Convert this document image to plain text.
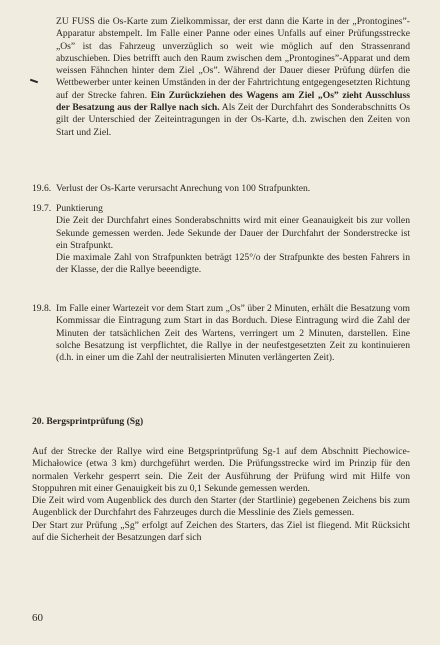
ZU FUSS die Os-Karte zum Zielkommissar, der erst dann die Karte in der „Prontogines”-Apparatur abstempelt. Im Falle einer Panne oder eines Unfalls auf einer Prüfungsstrecke „Os” ist das Fahrzeug unverzüglich so weit wie möglich auf den Strassenrand abzuschieben. Dies betrifft auch den Raum zwischen dem „Prontogines”-Apparat und dem weissen Fähnchen hinter dem Ziel „Os”. Während der Dauer dieser Prüfung dürfen die Wettbewerber unter keinen Umständen in der der Fahrtrichtung entgegengesetzten Richtung auf der Strecke fahren. Ein Zurückziehen des Wagens am Ziel „Os” zieht Ausschluss der Besatzung aus der Rallye nach sich. Als Zeit der Durchfahrt des Sonderabschnitts Os gilt der Unterschied der Zeiteintragungen in der Os-Karte, d.h. zwischen den Zeiten von Start und Ziel.

19.6. Verlust der Os-Karte verursacht Anrechung von 100 Strafpunkten.

19.7. Punktierung

Die Zeit der Durchfahrt eines Sonderabschnitts wird mit einer Geanauigkeit bis zur vollen Sekunde gemessen werden. Jede Sekunde der Dauer der Durchfahrt der Sonderstrecke ist ein Strafpunkt.

Die maximale Zahl von Strafpunkten beträgt 125°/o der Strafpunkte des besten Fahrers in der Klasse, der die Rallye beeendigte.

19.8. Im Falle einer Wartezeit vor dem Start zum „Os” über 2 Minuten, erhält die Besatzung vom Kommissar die Eintragung zum Start in das Borduch. Diese Eintragung wird die Zahl der Minuten der tatsächlichen Zeit des Wartens, verringert um 2 Minuten, darstellen. Eine solche Besatzung ist verpflichtet, die Rallye in der neufestgesetzten Zeit zu kontinuieren (d.h. in einer um die Zahl der neutralisierten Minuten verlängerten Zeit).

20. Bergsprintprüfung (Sg)

Auf der Strecke der Rallye wird eine Betgsprintprüfung Sg-1 auf dem Abschnitt Piechowice-Michałowice (etwa 3 km) durchgeführt werden. Die Prüfungsstrecke wird im Prinzip für den normalen Verkehr gesperrt sein. Die Zeit der Ausführung der Prüfung wird mit Hilfe von Stoppuhren mit einer Genauigkeit bis zu 0,1 Sekunde gemessen werden.

Die Zeit wird vom Augenblick des durch den Starter (der Startlinie) gegebenen Zeichens bis zum Augenblick der Durchfahrt des Fahrzeuges durch die Messlinie des Ziels gemessen.

Der Start zur Prüfung „Sg” erfolgt auf Zeichen des Starters, das Ziel ist fliegend. Mit Rücksicht auf die Sicherheit der Besatzungen darf sich

60
